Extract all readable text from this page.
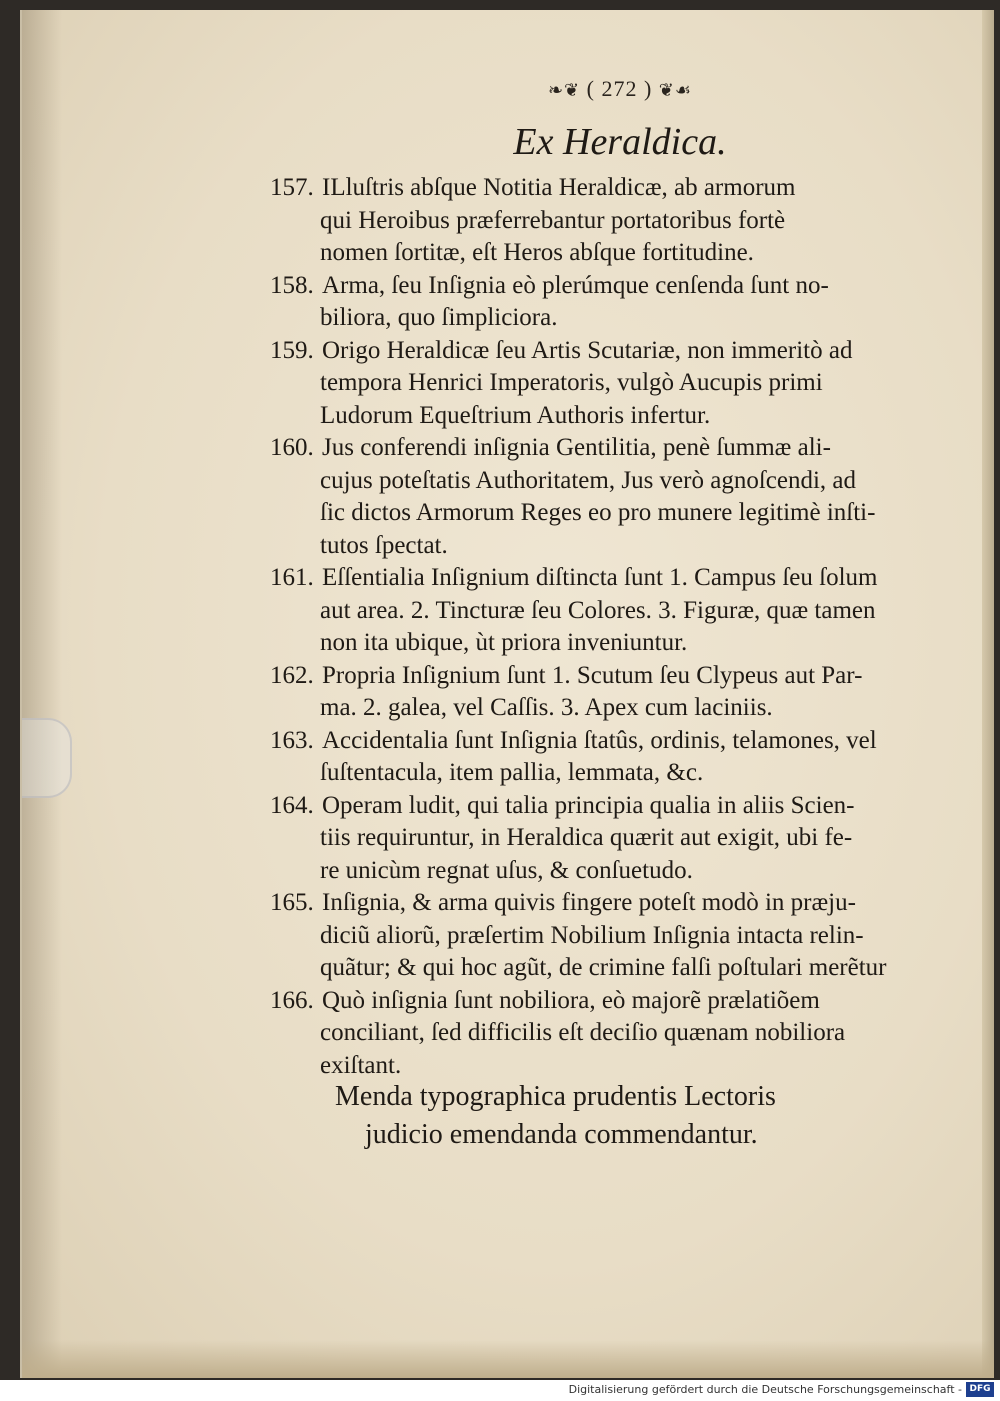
❧❦ ( 272 ) ❦☙
Ex Heraldica.
157. ILluſtris abſque Notitia Heraldicæ, ab armorum
qui Heroibus præferrebantur portatoribus fortè
nomen ſortitæ, eſt Heros abſque fortitudine.
158. Arma, ſeu Inſignia eò plerúmque cenſenda ſunt no-
biliora, quo ſimpliciora.
159. Origo Heraldicæ ſeu Artis Scutariæ, non immeritò ad
tempora Henrici Imperatoris, vulgò Aucupis primi
Ludorum Equeſtrium Authoris infertur.
160. Jus conferendi inſignia Gentilitia, penè ſummæ ali-
cujus poteſtatis Authoritatem, Jus verò agnoſcendi, ad
ſic dictos Armorum Reges eo pro munere legitimè inſti-
tutos ſpectat.
161. Eſſentialia Inſignium diſtincta ſunt 1. Campus ſeu ſolum
aut area. 2. Tincturæ ſeu Colores. 3. Figuræ, quæ tamen
non ita ubique, ùt priora inveniuntur.
162. Propria Inſignium ſunt 1. Scutum ſeu Clypeus aut Par-
ma. 2. galea, vel Caſſis. 3. Apex cum laciniis.
163. Accidentalia ſunt Inſignia ſtatûs, ordinis, telamones, vel
ſuſtentacula, item pallia, lemmata, &c.
164. Operam ludit, qui talia principia qualia in aliis Scien-
tiis requiruntur, in Heraldica quærit aut exigit, ubi fe-
re unicùm regnat uſus, & conſuetudo.
165. Inſignia, & arma quivis fingere poteſt modò in præju-
diciũ aliorũ, præſertim Nobilium Inſignia intacta relin-
quãtur; & qui hoc agũt, de crimine falſi poſtulari merẽtur
166. Quò inſignia ſunt nobiliora, eò majorẽ prælatiõem
conciliant, ſed difficilis eſt deciſio quænam nobiliora
exiſtant.
Menda typographica prudentis Lectoris
judicio emendanda commendantur.
Digitalisierung gefördert durch die Deutsche Forschungsgemeinschaft - DFG
